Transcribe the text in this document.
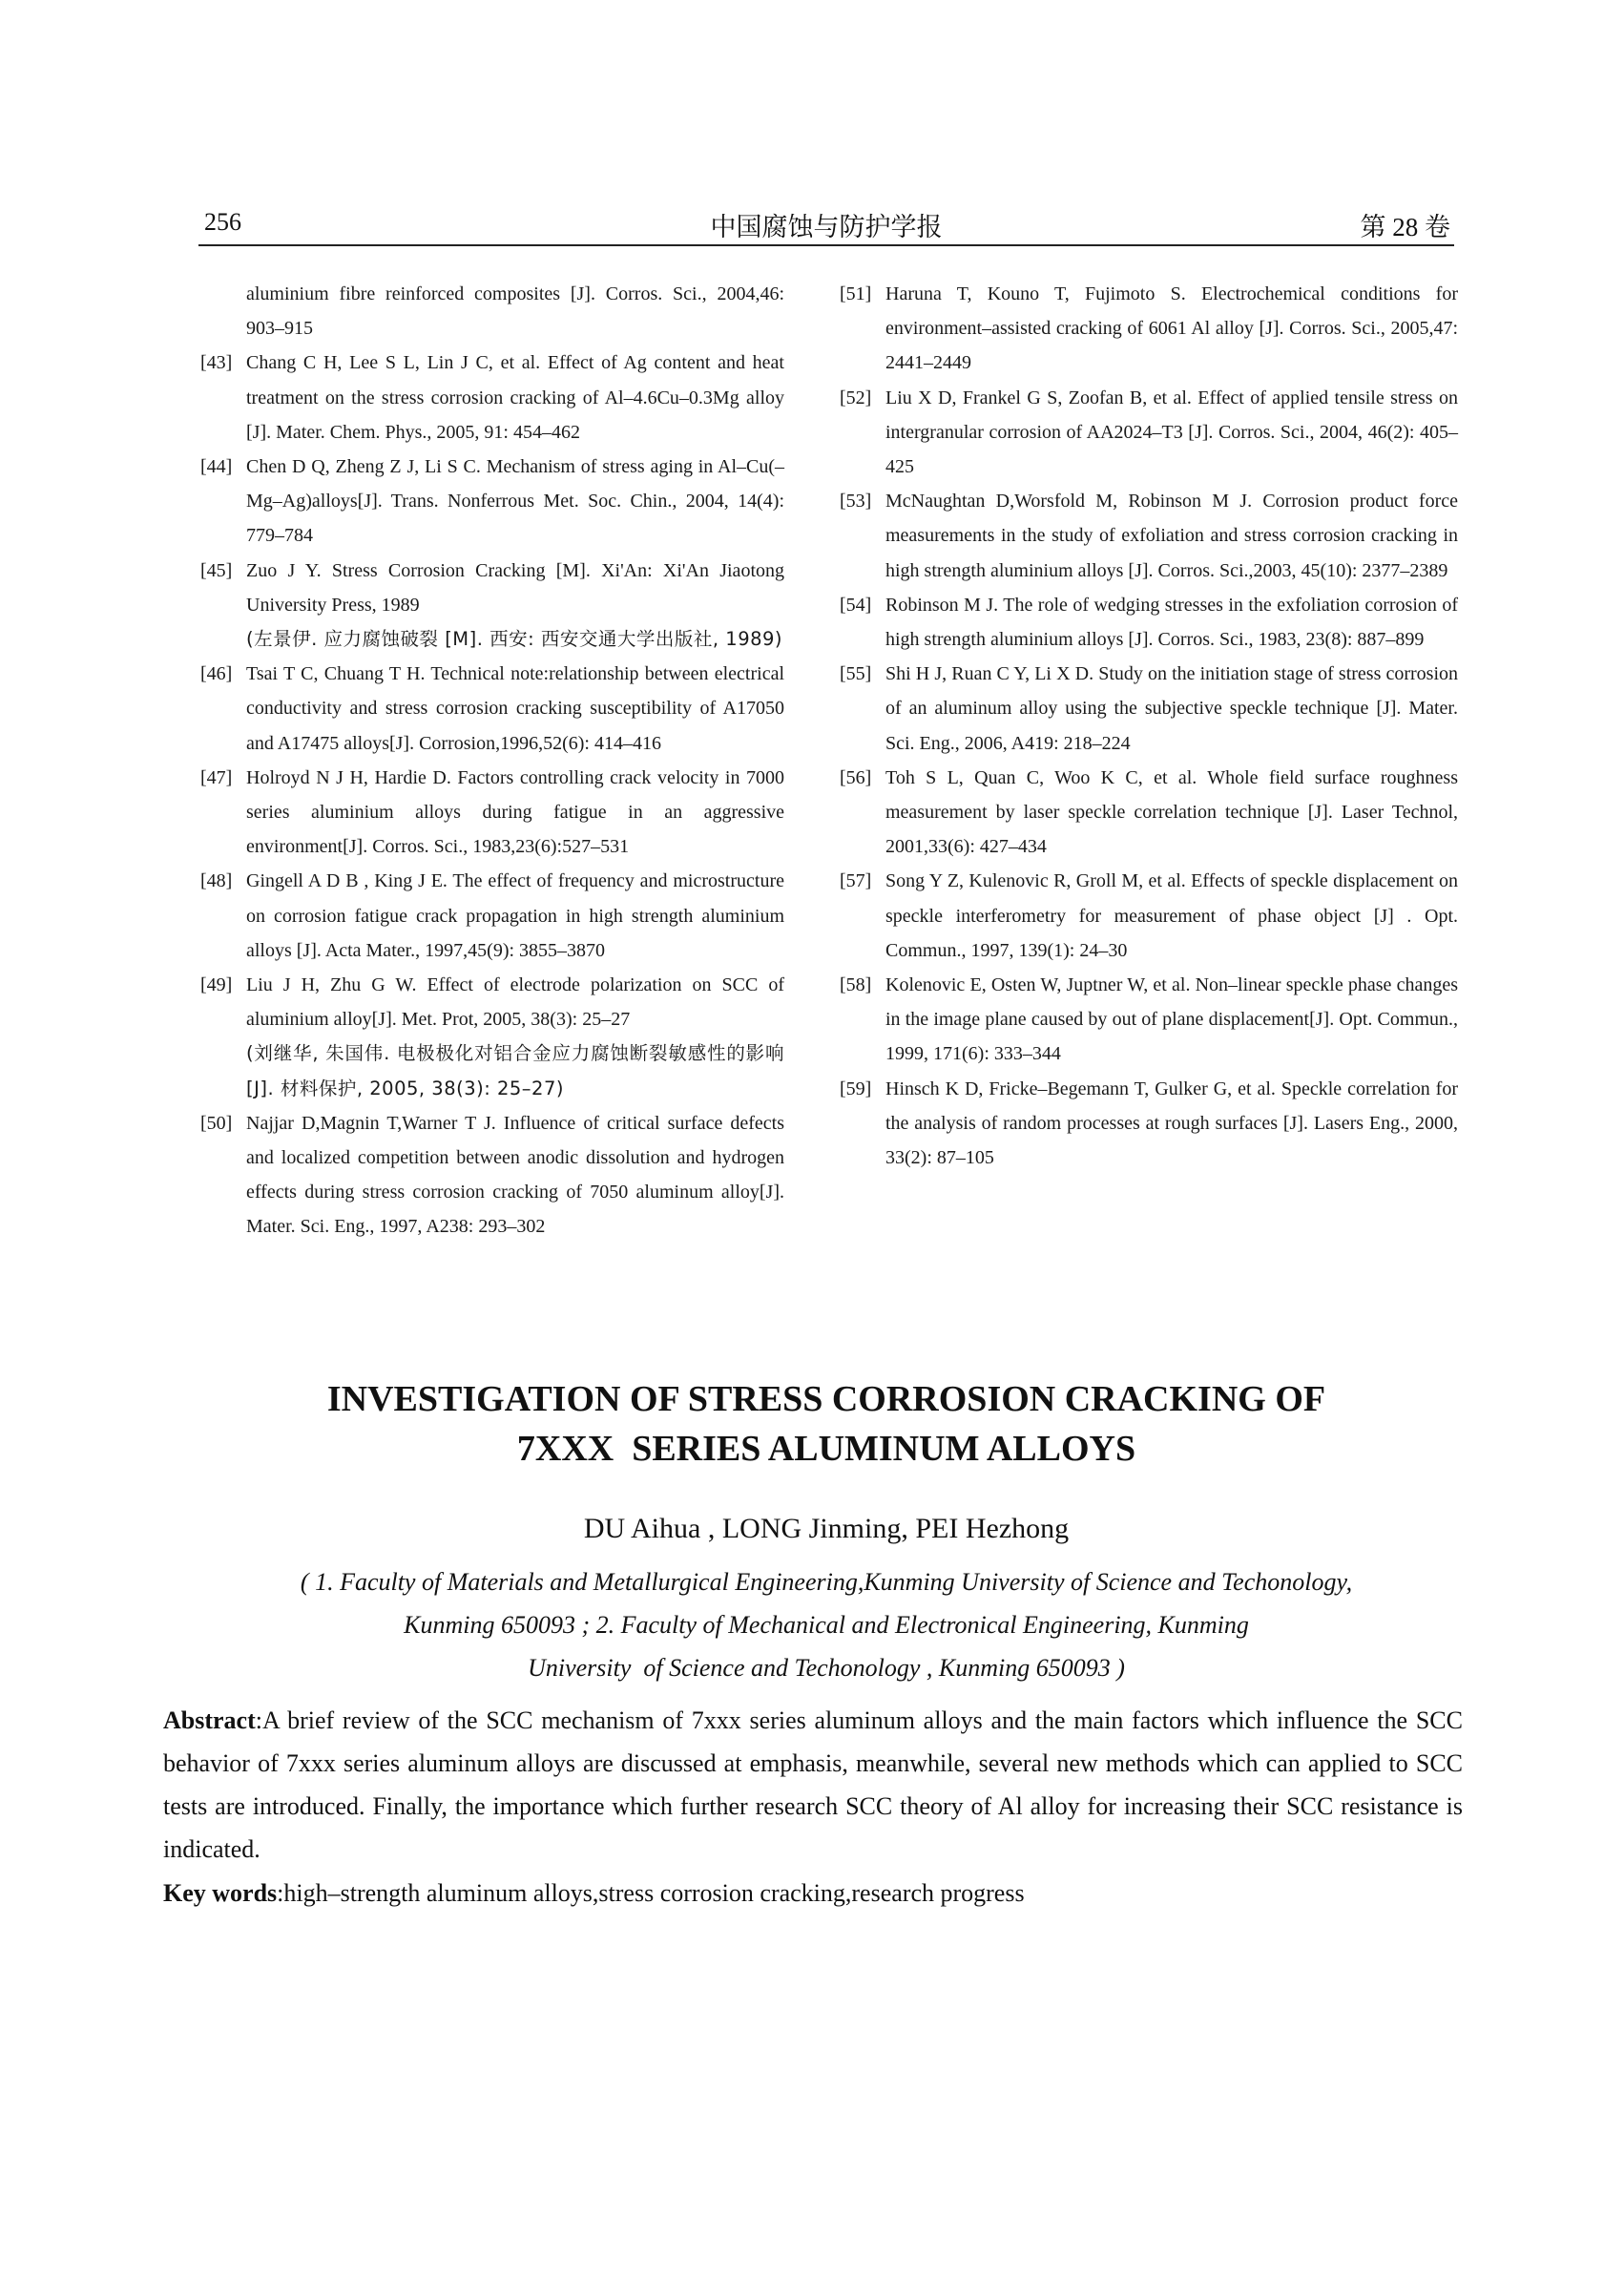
256	中国腐蚀与防护学报	第 28 卷
aluminium fibre reinforced composites [J]. Corros. Sci., 2004,46: 903–915
[43] Chang C H, Lee S L, Lin J C, et al. Effect of Ag content and heat treatment on the stress corrosion cracking of Al–4.6Cu–0.3Mg alloy [J]. Mater. Chem. Phys., 2005, 91: 454–462
[44] Chen D Q, Zheng Z J, Li S C. Mechanism of stress aging in Al–Cu(–Mg–Ag)alloys[J]. Trans. Nonferrous Met. Soc. Chin., 2004, 14(4): 779–784
[45] Zuo J Y. Stress Corrosion Cracking [M]. Xi'An: Xi'An Jiaotong University Press, 1989
(左景伊. 应力腐蚀破裂 [M]. 西安: 西安交通大学出版社, 1989)
[46] Tsai T C, Chuang T H. Technical note:relationship between electrical conductivity and stress corrosion cracking susceptibility of A17050 and A17475 alloys[J]. Corrosion,1996,52(6): 414–416
[47] Holroyd N J H, Hardie D. Factors controlling crack velocity in 7000 series aluminium alloys during fatigue in an aggressive environment[J]. Corros. Sci., 1983,23(6):527–531
[48] Gingell A D B , King J E. The effect of frequency and microstructure on corrosion fatigue crack propagation in high strength aluminium alloys [J]. Acta Mater., 1997,45(9): 3855–3870
[49] Liu J H, Zhu G W. Effect of electrode polarization on SCC of aluminium alloy[J]. Met. Prot, 2005, 38(3): 25–27
(刘继华, 朱国伟. 电极极化对铝合金应力腐蚀断裂敏感性的影响[J]. 材料保护, 2005, 38(3): 25–27)
[50] Najjar D,Magnin T,Warner T J. Influence of critical surface defects and localized competition between anodic dissolution and hydrogen effects during stress corrosion cracking of 7050 aluminum alloy[J]. Mater. Sci. Eng., 1997, A238: 293–302
[51] Haruna T, Kouno T, Fujimoto S. Electrochemical conditions for environment–assisted cracking of 6061 Al alloy [J]. Corros. Sci., 2005,47: 2441–2449
[52] Liu X D, Frankel G S, Zoofan B, et al. Effect of applied tensile stress on intergranular corrosion of AA2024–T3 [J]. Corros. Sci., 2004, 46(2): 405–425
[53] McNaughtan D,Worsfold M, Robinson M J. Corrosion product force measurements in the study of exfoliation and stress corrosion cracking in high strength aluminium alloys [J]. Corros. Sci.,2003, 45(10): 2377–2389
[54] Robinson M J. The role of wedging stresses in the exfoliation corrosion of high strength aluminium alloys [J]. Corros. Sci., 1983, 23(8): 887–899
[55] Shi H J, Ruan C Y, Li X D. Study on the initiation stage of stress corrosion of an aluminum alloy using the subjective speckle technique [J]. Mater. Sci. Eng., 2006, A419: 218–224
[56] Toh S L, Quan C, Woo K C, et al. Whole field surface roughness measurement by laser speckle correlation technique [J]. Laser Technol, 2001,33(6): 427–434
[57] Song Y Z, Kulenovic R, Groll M, et al. Effects of speckle displacement on speckle interferometry for measurement of phase object [J] . Opt. Commun., 1997, 139(1): 24–30
[58] Kolenovic E, Osten W, Juptner W, et al. Non–linear speckle phase changes in the image plane caused by out of plane displacement[J]. Opt. Commun., 1999, 171(6): 333–344
[59] Hinsch K D, Fricke–Begemann T, Gulker G, et al. Speckle correlation for the analysis of random processes at rough surfaces [J]. Lasers Eng., 2000, 33(2): 87–105
INVESTIGATION OF STRESS CORROSION CRACKING OF
7XXX  SERIES ALUMINUM ALLOYS
DU Aihua , LONG Jinming, PEI Hezhong
( 1. Faculty of Materials and Metallurgical Engineering,Kunming University of Science and Techonology,
Kunming 650093 ; 2. Faculty of Mechanical and Electronical Engineering, Kunming
University  of Science and Techonology , Kunming 650093 )
Abstract:A brief review of the SCC mechanism of 7xxx series aluminum alloys and the main factors which influence the SCC behavior of 7xxx series aluminum alloys are discussed at emphasis, meanwhile, several new methods which can applied to SCC tests are introduced. Finally, the importance which further research SCC theory of Al alloy for increasing their SCC resistance is indicated.
Key words:high–strength aluminum alloys,stress corrosion cracking,research progress
